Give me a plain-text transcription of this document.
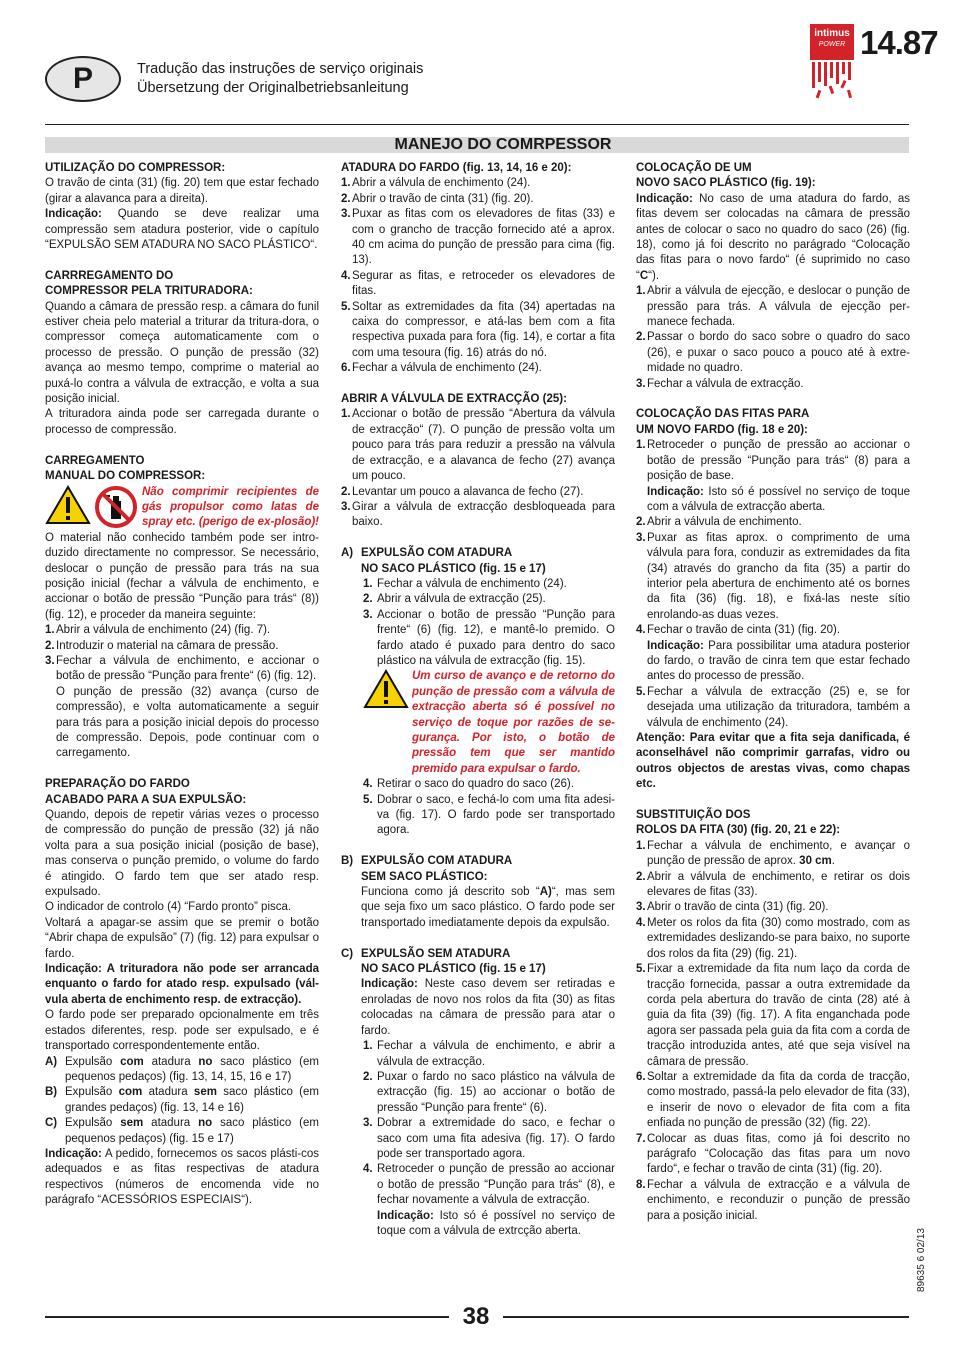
P	Tradução das instruções de serviço originais
Übersetzung der Originalbetriebsanleitung
intimus
POWER 14.87
MANEJO DO COMRPESSOR

UTILIZAÇÃO DO COMPRESSOR:

O travão de cinta (31) (fig. 20) tem que estar fechado (girar a alavanca para a direita).

Indicação: Quando se deve realizar uma compressão sem atadura posterior, vide o capítulo “EXPULSÃO SEM ATADURA NO SACO PLÁSTICO“.

CARRREGAMENTO DO

COMPRESSOR PELA TRITURADORA:

Quando a câmara de pressão resp. a câmara do funil estiver cheia pelo material a triturar da tritura-dora, o compressor começa automaticamente com o processo de pressão. O punção de pressão (32) avança ao mesmo tempo, comprime o material ao puxá-lo contra a válvula de extracção, e volta a sua posição inicial.

A trituradora ainda pode ser carregada durante o processo de compressão.

CARREGAMENTO

MANUAL DO COMPRESSOR:

Não comprimir recipientes de gás propulsor como latas de spray etc. (perigo de ex-plosão)!

O material não conhecido também pode ser intro-duzido directamente no compressor. Se necessário, deslocar o punção de pressão para trás na sua posição inicial (fechar a válvula de enchimento, e accionar o botão de pressão “Punção para trás“ (8)) (fig. 12), e proceder da maneira seguinte:

1. Abrir a válvula de enchimento (24) (fig. 7).
2. Introduzir o material na câmara de pressão.
3. Fechar a válvula de enchimento, e accionar o botão de pressão “Punção para frente“ (6) (fig. 12).

O punção de pressão (32) avança (curso de compressão), e volta automaticamente a seguir para trás para a posição inicial depois do processo de compressão. Depois, pode continuar com o carregamento.

PREPARAÇÃO DO FARDO

ACABADO PARA A SUA EXPULSÃO:

Quando, depois de repetir várias vezes o processo de compressão do punção de pressão (32) já não volta para a sua posição inicial (posição de base), mas conserva o punção premido, o volume do fardo é atingido. O fardo tem que ser atado resp. expulsado.

O indicador de controlo (4) “Fardo pronto” pisca.

Voltará a apagar-se assim que se premir o botão “Abrir chapa de expulsão” (7) (fig. 12) para expulsar o fardo.

Indicação: A trituradora não pode ser arrancada enquanto o fardo for atado resp. expulsado (vál-vula aberta de enchimento resp. de extracção).

O fardo pode ser preparado opcionalmente em três estados diferentes, resp. pode ser expulsado, e é transportado correspondentemente então.

A) Expulsão com atadura no saco plástico (em pequenos pedaços) (fig. 13, 14, 15, 16 e 17)
B) Expulsão com atadura sem saco plástico (em grandes pedaços) (fig. 13, 14 e 16)
C) Expulsão sem atadura no saco plástico (em pequenos pedaços) (fig. 15 e 17)

Indicação: A pedido, fornecemos os sacos plásti-cos adequados e as fitas respectivas de atadura respectivos (números de encomenda vide no parágrafo “ACESSÓRIOS ESPECIAIS“).

ATADURA DO FARDO (fig. 13, 14, 16 e 20):

1. Abrir a válvula de enchimento (24).
2. Abrir o travão de cinta (31) (fig. 20).
3. Puxar as fitas com os elevadores de fitas (33) e com o grancho de tracção fornecido até a aprox. 40 cm acima do punção de pressão para cima (fig. 13).
4. Segurar as fitas, e retroceder os elevadores de fitas.
5. Soltar as extremidades da fita (34) apertadas na caixa do compressor, e atá-las bem com a fita respectiva puxada para fora (fig. 14), e cortar a fita com uma tesoura (fig. 16) atrás do nó.
6. Fechar a válvula de enchimento (24).

ABRIR A VÁLVULA DE EXTRACÇÃO (25):

1. Accionar o botão de pressão “Abertura da válvula de extracção“ (7). O punção de pressão volta um pouco para trás para reduzir a pressão na válvula de extracção, e a alavanca de fecho (27) avança um pouco.
2. Levantar um pouco a alavanca de fecho (27).
3. Girar a válvula de extracção desbloqueada para baixo.
A) EXPULSÃO COM ATADURA

NO SACO PLÁSTICO (fig. 15 e 17)

1. Fechar a válvula de enchimento (24).
2. Abrir a válvula de extracção (25).
3. Accionar o botão de pressão “Punção para frente“ (6) (fig. 12), e mantê-lo premido. O fardo atado é puxado para dentro do saco plástico na válvula de extracção (fig. 15).
Um curso de avanço e de retorno do punção de pressão com a válvula de extracção aberta só é possível no serviço de toque por razões de se-gurança. Por isto, o botão de pressão tem que ser mantido premido para expulsar o fardo.
4. Retirar o saco do quadro do saco (26).
5. Dobrar o saco, e fechá-lo com uma fita adesi-va (fig. 17). O fardo pode ser transportado agora.
B) EXPULSÃO COM ATADURA

SEM SACO PLÁSTICO:

Funciona como já descrito sob “A)“, mas sem que seja fixo um saco plástico. O fardo pode ser transportado imediatamente depois da expulsão.

C) EXPULSÃO SEM ATADURA

NO SACO PLÁSTICO (fig. 15 e 17)

Indicação: Neste caso devem ser retiradas e enroladas de novo nos rolos da fita (30) as fitas colocadas na câmara de pressão para atar o fardo.

1. Fechar a válvula de enchimento, e abrir a válvula de extracção.
2. Puxar o fardo no saco plástico na válvula de extracção (fig. 15) ao accionar o botão de pressão “Punção para frente“ (6).
3. Dobrar a extremidade do saco, e fechar o saco com uma fita adesiva (fig. 17). O fardo pode ser transportado agora.
4. Retroceder o punção de pressão ao accionar o botão de pressão “Punção para trás“ (8), e fechar novamente a válvula de extracção.

Indicação: Isto só é possível no serviço de toque com a válvula de extrcção aberta.

COLOCAÇÃO DE UM

NOVO SACO PLÁSTICO (fig. 19):

Indicação: No caso de uma atadura do fardo, as fitas devem ser colocadas na câmara de pressão antes de colocar o saco no quadro do saco (26) (fig. 18), como já foi descrito no parágrado “Colocação das fitas para o novo fardo“ (é suprimido no caso “C“).

1. Abrir a válvula de ejecção, e deslocar o punção de pressão para trás. A válvula de ejecção per-manece fechada.
2. Passar o bordo do saco sobre o quadro do saco (26), e puxar o saco pouco a pouco até à extre-midade no quadro.
3. Fechar a válvula de extracção.

COLOCAÇÃO DAS FITAS PARA

UM NOVO FARDO (fig. 18 e 20):

1. Retroceder o punção de pressão ao accionar o botão de pressão “Punção para trás“ (8) para a posição de base.
Indicação: Isto só é possível no serviço de toque com a válvula de extracção aberta.
2. Abrir a válvula de enchimento.
3. Puxar as fitas aprox. o comprimento de uma válvula para fora, conduzir as extremidades da fita (34) através do grancho da fita (35) a partir do interior pela abertura de enchimento até os bornes da fita (36) (fig. 18), e fixá-las neste sítio enrolando-as duas vezes.
4. Fechar o travão de cinta (31) (fig. 20).
Indicação: Para possibilitar uma atadura posterior do fardo, o travão de cinra tem que estar fechado antes do processo de pressão.
5. Fechar a válvula de extracção (25) e, se for desejada uma utilização da trituradora, também a válvula de enchimento (24).

Atenção: Para evitar que a fita seja danificada, é aconselhável não comprimir garrafas, vidro ou outros objectos de arestas vivas, como chapas etc.

SUBSTITUIÇÃO DOS

ROLOS DA FITA (30) (fig. 20, 21 e 22):

1. Fechar a válvula de enchimento, e avançar o punção de pressão de aprox. 30 cm.
2. Abrir a válvula de enchimento, e retirar os dois elevares de fitas (33).
3. Abrir o travão de cinta (31) (fig. 20).
4. Meter os rolos da fita (30) como mostrado, com as extremidades deslizando-se para baixo, no suporte dos rolos da fita (29) (fig. 21).
5. Fixar a extremidade da fita num laço da corda de tracção fornecida, passar a outra extremidade da corda pela abertura do travão de cinta (28) até à guia da fita (39) (fig. 17). A fita enganchada pode agora ser passada pela guia da fita com a corda de tracção introduzida antes, até que seja visível na câmara de pressão.
6. Soltar a extremidade da fita da corda de tracção, como mostrado, passá-la pelo elevador de fita (33), e inserir de novo o elevador de fita com a fita enfiada no punção de pressão (32) (fig. 22).
7. Colocar as duas fitas, como já foi descrito no parágrafo “Colocação das fitas para um novo fardo“, e fechar o travão de cinta (31) (fig. 20).
8. Fechar a válvula de extracção e a válvula de enchimento, e reconduzir o punção de pressão para a posição inicial.
89635 6 02/13
38
